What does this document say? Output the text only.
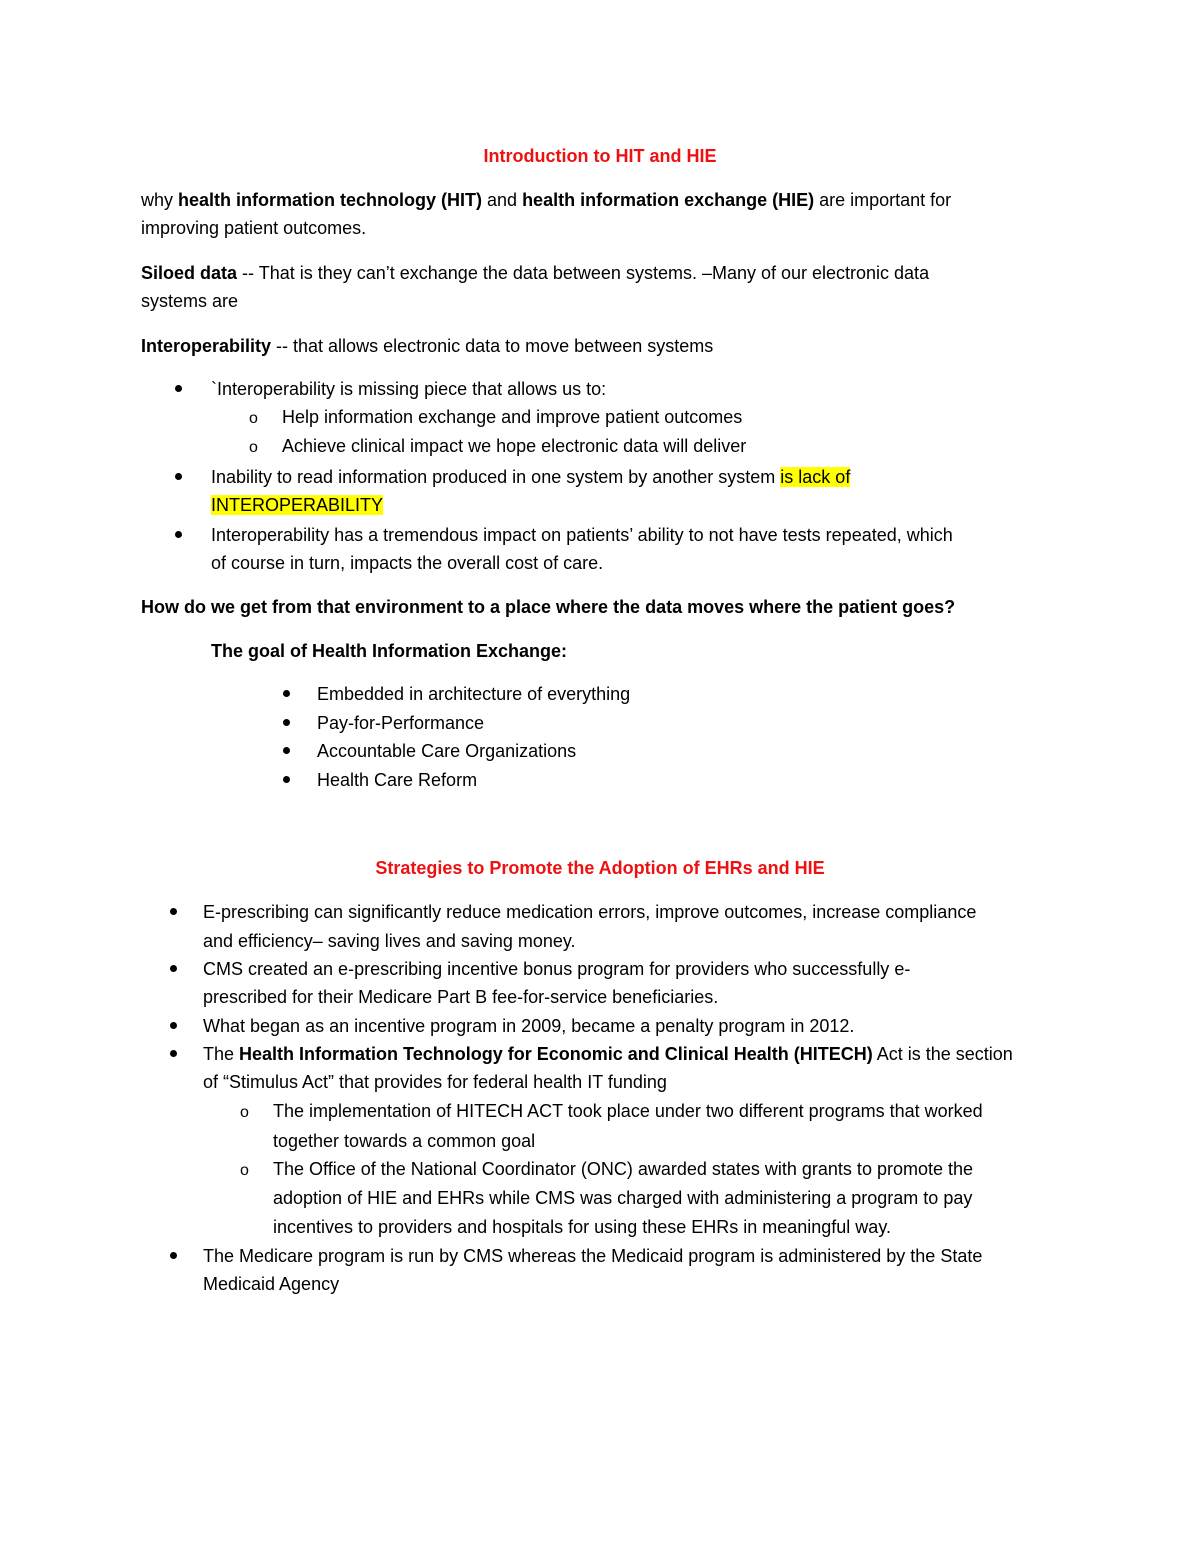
Introduction to HIT and HIE
why health information technology (HIT) and health information exchange (HIE) are important for
improving patient outcomes.
Siloed data -- That is they can’t exchange the data between systems. –Many of our electronic data
systems are
Interoperability -- that allows electronic data to move between systems
`Interoperability is missing piece that allows us to:
o Help information exchange and improve patient outcomes
o Achieve clinical impact we hope electronic data will deliver
Inability to read information produced in one system by another system is lack of
INTEROPERABILITY
Interoperability has a tremendous impact on patients’ ability to not have tests repeated, which
of course in turn, impacts the overall cost of care.
How do we get from that environment to a place where the data moves where the patient goes?
The goal of Health Information Exchange:
Embedded in architecture of everything
Pay-for-Performance
Accountable Care Organizations
Health Care Reform
Strategies to Promote the Adoption of EHRs and HIE
E-prescribing can significantly reduce medication errors, improve outcomes, increase compliance
and efficiency– saving lives and saving money.
CMS created an e-prescribing incentive bonus program for providers who successfully e-
prescribed for their Medicare Part B fee-for-service beneficiaries.
What began as an incentive program in 2009, became a penalty program in 2012.
The Health Information Technology for Economic and Clinical Health (HITECH) Act is the section
of “Stimulus Act” that provides for federal health IT funding
o The implementation of HITECH ACT took place under two different programs that worked
together towards a common goal
o The Office of the National Coordinator (ONC) awarded states with grants to promote the
adoption of HIE and EHRs while CMS was charged with administering a program to pay
incentives to providers and hospitals for using these EHRs in meaningful way.
The Medicare program is run by CMS whereas the Medicaid program is administered by the State
Medicaid Agency
